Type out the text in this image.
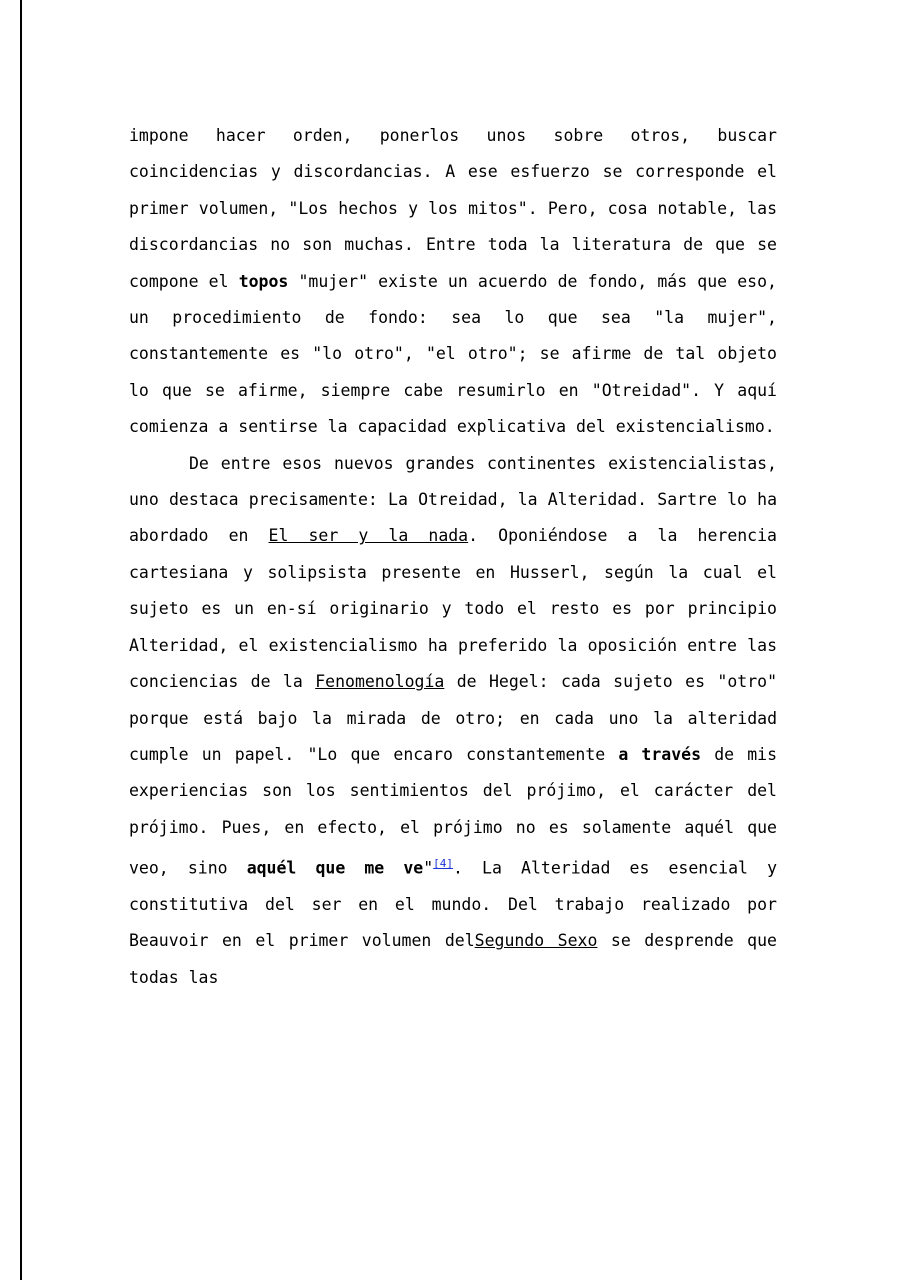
impone hacer orden, ponerlos unos sobre otros, buscar coincidencias y discordancias. A ese esfuerzo se corresponde el primer volumen, "Los hechos y los mitos". Pero, cosa notable, las discordancias no son muchas. Entre toda la literatura de que se compone el topos "mujer" existe un acuerdo de fondo, más que eso, un procedimiento de fondo: sea lo que sea "la mujer", constantemente es "lo otro", "el otro"; se afirme de tal objeto lo que se afirme, siempre cabe resumirlo en "Otreidad". Y aquí comienza a sentirse la capacidad explicativa del existencialismo.

De entre esos nuevos grandes continentes existencialistas, uno destaca precisamente: La Otreidad, la Alteridad. Sartre lo ha abordado en El ser y la nada. Oponiéndose a la herencia cartesiana y solipsista presente en Husserl, según la cual el sujeto es un en-sí originario y todo el resto es por principio Alteridad, el existencialismo ha preferido la oposición entre las conciencias de la Fenomenología de Hegel: cada sujeto es "otro" porque está bajo la mirada de otro; en cada uno la alteridad cumple un papel. "Lo que encaro constantemente a través de mis experiencias son los sentimientos del prójimo, el carácter del prójimo. Pues, en efecto, el prójimo no es solamente aquél que veo, sino aquél que me ve"[4]. La Alteridad es esencial y constitutiva del ser en el mundo. Del trabajo realizado por Beauvoir en el primer volumen delSegundo Sexo se desprende que todas las
